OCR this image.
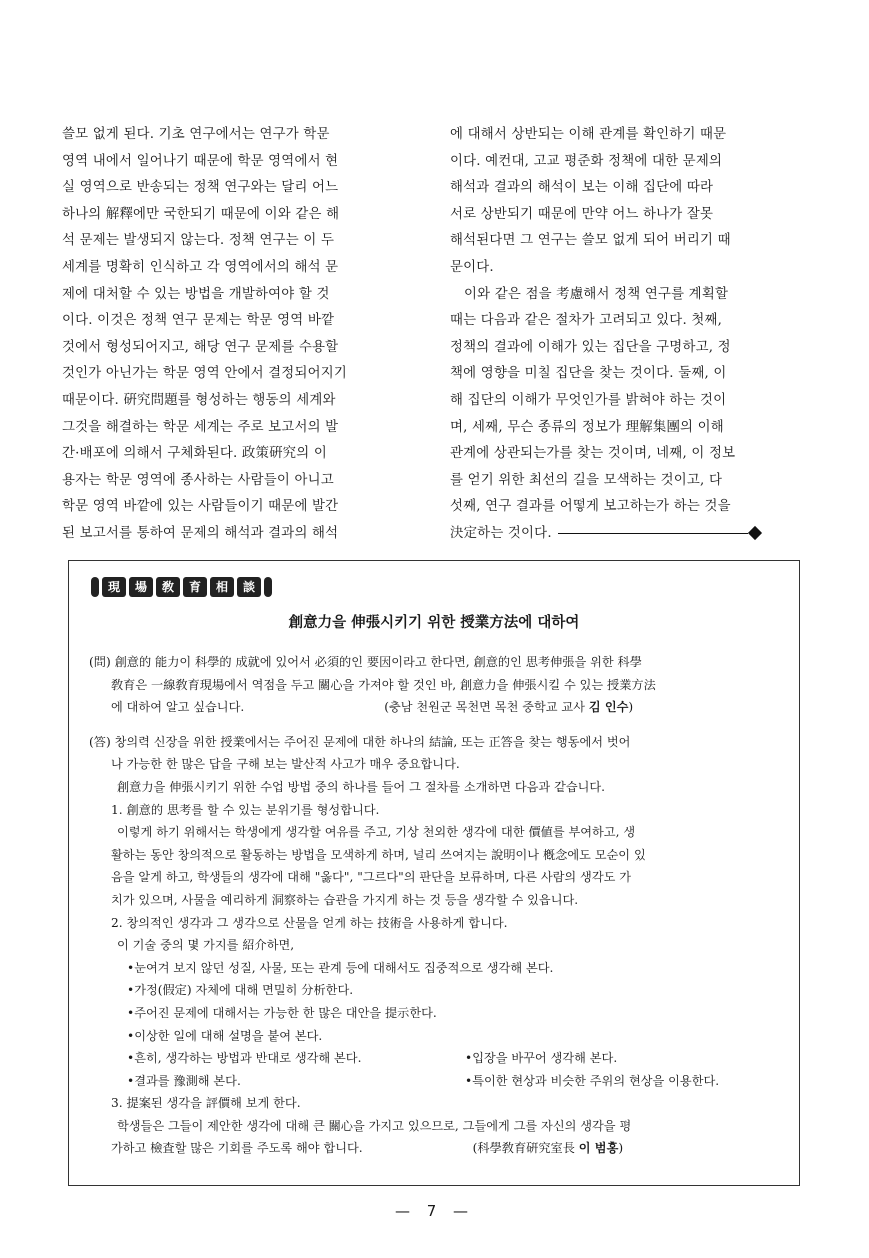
쓸모 없게 된다. 기초 연구에서는 연구가 학문
영역 내에서 일어나기 때문에 학문 영역에서 현
실 영역으로 반송되는 정책 연구와는 달리 어느
하나의 解釋에만 국한되기 때문에 이와 같은 해
석 문제는 발생되지 않는다. 정책 연구는 이 두
세계를 명확히 인식하고 각 영역에서의 해석 문
제에 대처할 수 있는 방법을 개발하여야 할 것
이다. 이것은 정책 연구 문제는 학문 영역 바깥
것에서 형성되어지고, 해당 연구 문제를 수용할
것인가 아닌가는 학문 영역 안에서 결정되어지기
때문이다. 硏究問題를 형성하는 행동의 세계와
그것을 해결하는 학문 세계는 주로 보고서의 발
간·배포에 의해서 구체화된다. 政策硏究의 이
용자는 학문 영역에 종사하는 사람들이 아니고
학문 영역 바깥에 있는 사람들이기 때문에 발간
된 보고서를 통하여 문제의 해석과 결과의 해석
에 대해서 상반되는 이해 관계를 확인하기 때문
이다. 예컨대, 고교 평준화 정책에 대한 문제의
해석과 결과의 해석이 보는 이해 집단에 따라
서로 상반되기 때문에 만약 어느 하나가 잘못
해석된다면 그 연구는 쓸모 없게 되어 버리기 때
문이다.
이와 같은 점을 考慮해서 정책 연구를 계획할
때는 다음과 같은 절차가 고려되고 있다. 첫째,
정책의 결과에 이해가 있는 집단을 구명하고, 정
책에 영향을 미칠 집단을 찾는 것이다. 둘째, 이
해 집단의 이해가 무엇인가를 밝혀야 하는 것이
며, 세째, 무슨 종류의 정보가 理解集團의 이해
관계에 상관되는가를 찾는 것이며, 네째, 이 정보
를 얻기 위한 최선의 길을 모색하는 것이고, 다
섯째, 연구 결과를 어떻게 보고하는가 하는 것을
決定하는 것이다.
現	場	敎	育	相	談
創意力을 伸張시키기 위한 授業方法에 대하여
(問) 創意的 能力이 科學的 成就에 있어서 必須的인 要因이라고 한다면, 創意的인 思考伸張을 위한 科學
敎育은 一線敎育現場에서 역점을 두고 關心을 가져야 할 것인 바, 創意力을 伸張시킬 수 있는 授業方法
에 대하여 알고 싶습니다.	(충남 천원군 목천면 목천 중학교 교사 김 인수)
(答) 창의력 신장을 위한 授業에서는 주어진 문제에 대한 하나의 結論, 또는 正答을 찾는 행동에서 벗어
나 가능한 한 많은 답을 구해 보는 발산적 사고가 매우 중요합니다.
創意力을 伸張시키기 위한 수업 방법 중의 하나를 들어 그 절차를 소개하면 다음과 같습니다.
1. 創意的 思考를 할 수 있는 분위기를 형성합니다.
이렇게 하기 위해서는 학생에게 생각할 여유를 주고, 기상 천외한 생각에 대한 價値를 부여하고, 생
활하는 동안 창의적으로 활동하는 방법을 모색하게 하며, 널리 쓰여지는 說明이나 槪念에도 모순이 있
음을 알게 하고, 학생들의 생각에 대해 "옳다", "그르다"의 판단을 보류하며, 다른 사람의 생각도 가
치가 있으며, 사물을 예리하게 洞察하는 습관을 가지게 하는 것 등을 생각할 수 있읍니다.
2. 창의적인 생각과 그 생각으로 산물을 얻게 하는 技術을 사용하게 합니다.
이 기술 중의 몇 가지를 紹介하면,
•눈여겨 보지 않던 성질, 사물, 또는 관계 등에 대해서도 집중적으로 생각해 본다.
•가정(假定) 자체에 대해 면밀히 分析한다.
•주어진 문제에 대해서는 가능한 한 많은 대안을 提示한다.
•이상한 일에 대해 설명을 붙여 본다.
•흔히, 생각하는 방법과 반대로 생각해 본다.	•입장을 바꾸어 생각해 본다.
•결과를 豫測해 본다.	•특이한 현상과 비슷한 주위의 현상을 이용한다.
3. 提案된 생각을 評價해 보게 한다.
학생들은 그들이 제안한 생각에 대해 큰 關心을 가지고 있으므로, 그들에게 그를 자신의 생각을 평
가하고 檢査할 많은 기회를 주도록 해야 합니다.	(科學敎育硏究室長 이 범홍)
— 7 —
